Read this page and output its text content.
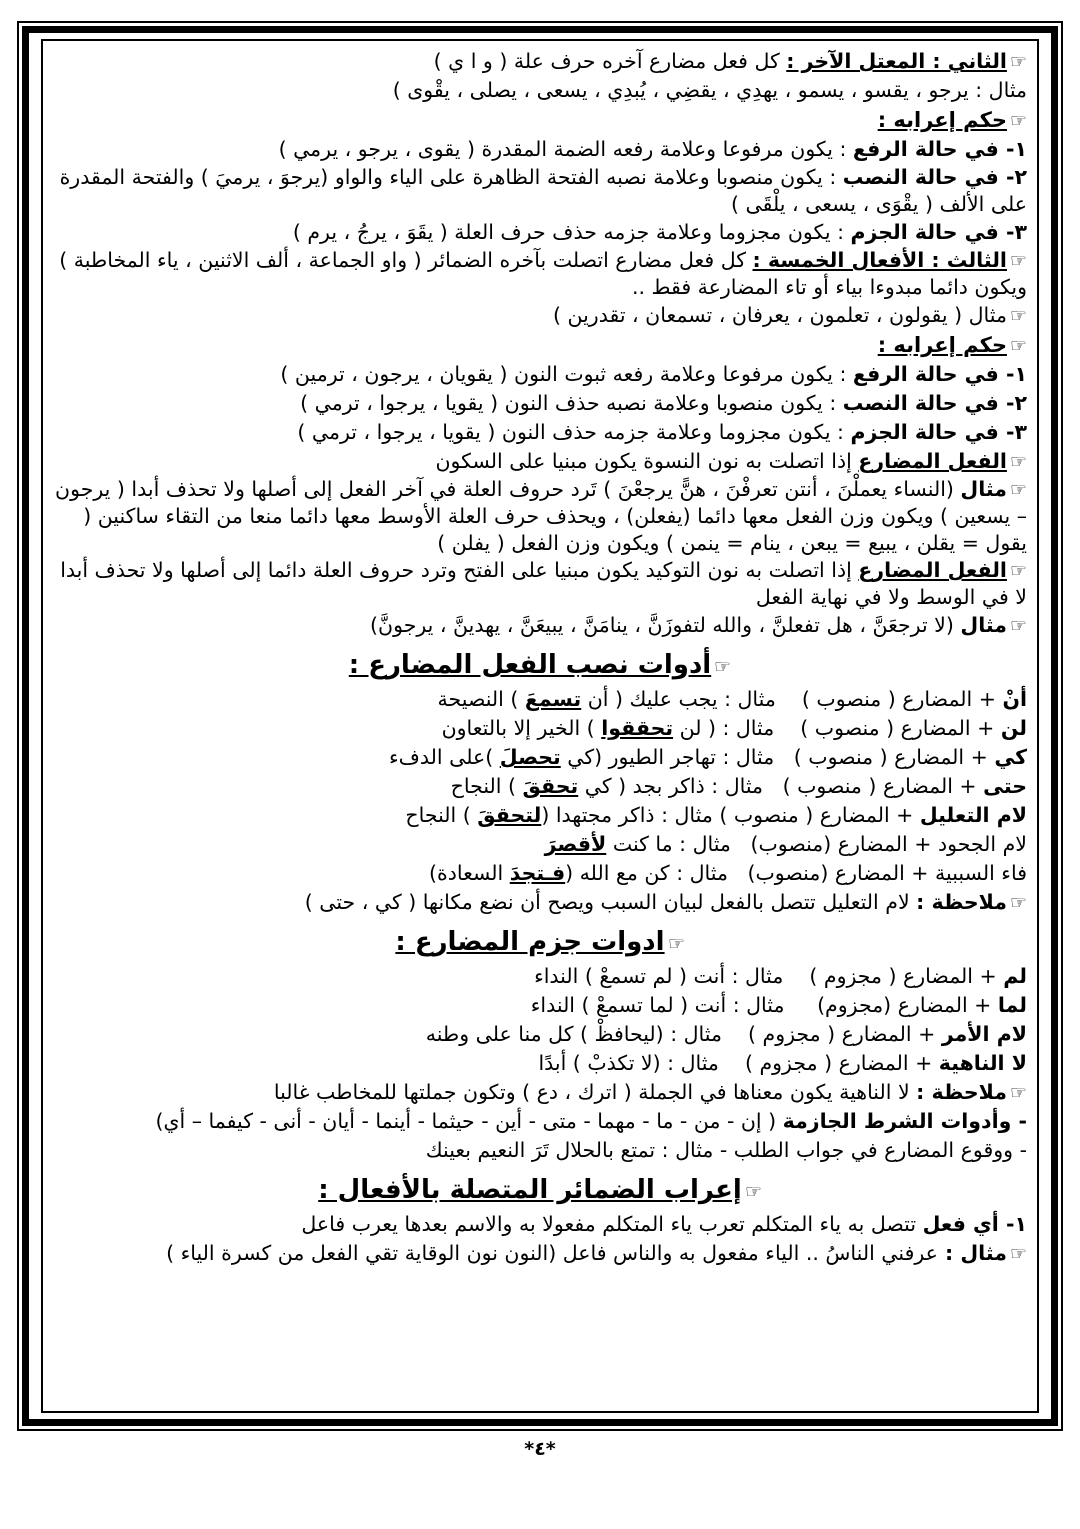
☜الثاني : المعتل الآخر : كل فعل مضارع آخره حرف علة ( و ا ي )
مثال : يرجو ، يقسو ، يسمو ، يهدِي ، يقضِي ، يُبدِي ، يسعى ، يصلى ، يقْوى )
☜حكم إعرابه :
١- في حالة الرفع : يكون مرفوعا وعلامة رفعه الضمة المقدرة ( يقوى ، يرجو ، يرمي )
٢- في حالة النصب : يكون منصوبا وعلامة نصبه الفتحة الظاهرة على الياء والواو (يرجوَ ، يرميَ ) والفتحة المقدرة على الألف ( يقْوَى ، يسعى ، يلْقَى )
٣- في حالة الجزم : يكون مجزوما وعلامة جزمه حذف حرف العلة ( يقَوَ ، يرجُ ، يرم )
☜الثالث : الأفعال الخمسة : كل فعل مضارع اتصلت بآخره الضمائر ( واو الجماعة ، ألف الاثنين ، ياء المخاطبة ) ويكون دائما مبدوءا بياء أو تاء المضارعة فقط ..
☜مثال ( يقولون ، تعلمون ، يعرفان ، تسمعان ، تقدرين )
☜حكم إعرابه :
١- في حالة الرفع : يكون مرفوعا وعلامة رفعه ثبوت النون ( يقويان ، يرجون ، ترمين )
٢- في حالة النصب : يكون منصوبا وعلامة نصبه حذف النون ( يقويا ، يرجوا ، ترمي )
٣- في حالة الجزم : يكون مجزوما وعلامة جزمه حذف النون ( يقويا ، يرجوا ، ترمي )
☜الفعل المضارع إذا اتصلت به نون النسوة يكون مبنيا على السكون
☜مثال (النساء يعملْنَ ، أنتن تعرفْنَ ، هنًّ يرجعْنَ ) تَرد حروف العلة في آخر الفعل إلى أصلها ولا تحذف أبدا ( يرجون – يسعين ) ويكون وزن الفعل معها دائما (يفعلن) ، ويحذف حرف العلة الأوسط معها دائما منعا من التقاء ساكنين ( يقول = يقلن ، يبيع = يبعن ، ينام = ينمن ) ويكون وزن الفعل ( يفلن )
☜الفعل المضارع إذا اتصلت به نون التوكيد يكون مبنيا على الفتح وترد حروف العلة دائما إلى أصلها ولا تحذف أبدا لا في الوسط ولا في نهاية الفعل
☜مثال (لا ترجعَنَّ ، هل تفعلنَّ ، والله لتفوزَنَّ ، ينامَنَّ ، يبيعَنَّ ، يهدينَّ ، يرجونَّ)
☜أدوات نصب الفعل المضارع :
أنْ + المضارع ( منصوب )    مثال : يجب عليك ( أن تسمعَ ) النصيحة
لن + المضارع ( منصوب )    مثال : ( لن تحققوا ) الخير إلا بالتعاون
كي + المضارع ( منصوب )   مثال : تهاجر الطيور (كي تحصلَ )على الدفء
حتى + المضارع ( منصوب )   مثال : ذاكر بجد ( كي تحققَ ) النجاح
لام التعليل + المضارع ( منصوب ) مثال : ذاكر مجتهدا (لتحققَ ) النجاح
لام الجحود + المضارع (منصوب)   مثال : ما كنت لأقصرَ
فاء السببية + المضارع (منصوب)   مثال : كن مع الله (فـتجدَ السعادة)
☜ملاحظة : لام التعليل تتصل بالفعل لبيان السبب ويصح أن نضع مكانها ( كي ، حتى )
☜ادوات جزم المضارع :
لم + المضارع ( مجزوم )    مثال : أنت ( لم تسمعْ ) النداء
لما + المضارع (مجزوم)     مثال : أنت ( لما تسمعْ ) النداء
لام الأمر + المضارع ( مجزوم )    مثال : (ليحافظْ ) كل منا على وطنه
لا الناهية + المضارع ( مجزوم )    مثال : (لا تكذبْ ) أبدًا
☜ملاحظة : لا الناهية يكون معناها في الجملة ( اترك ، دع ) وتكون جملتها للمخاطب غالبا
- وأدوات الشرط الجازمة ( إن - من - ما - مهما - متى - أين - حيثما - أينما - أيان - أنى - كيفما – أي)
- ووقوع المضارع في جواب الطلب - مثال : تمتع بالحلال تَرَ النعيم بعينك
☜إعراب الضمائر المتصلة بالأفعال :
١- أي فعل تتصل به ياء المتكلم تعرب ياء المتكلم مفعولا به والاسم بعدها يعرب فاعل
☜مثال : عرفني الناسُ .. الياء مفعول به والناس فاعل (النون نون الوقاية تقي الفعل من كسرة الياء )
*٤*
